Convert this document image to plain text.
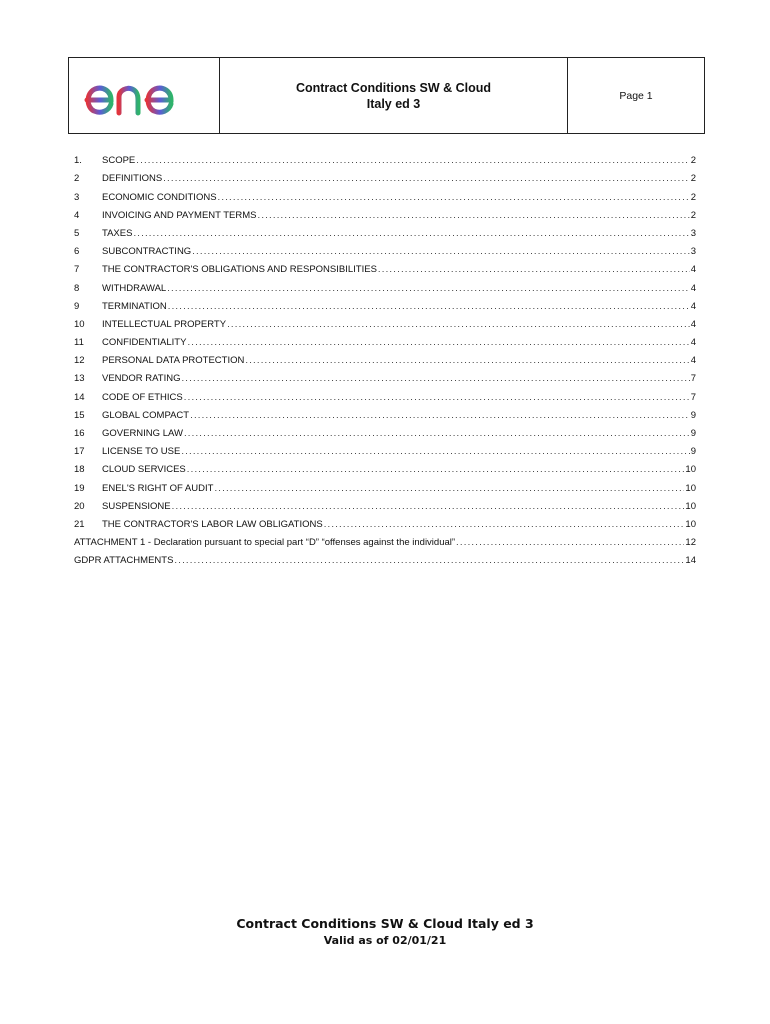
Contract Conditions SW & Cloud
Italy ed 3
Page 1
1.	SCOPE .....	2
2	DEFINITIONS .....	2
3	ECONOMIC CONDITIONS .....	2
4	INVOICING AND PAYMENT TERMS .....	2
5	TAXES .....	3
6	SUBCONTRACTING .....	3
7	THE CONTRACTOR'S OBLIGATIONS AND RESPONSIBILITIES .....	4
8	WITHDRAWAL .....	4
9	TERMINATION .....	4
10	INTELLECTUAL PROPERTY .....	4
11	CONFIDENTIALITY .....	4
12	PERSONAL DATA PROTECTION .....	4
13	VENDOR RATING .....	7
14	CODE OF ETHICS .....	7
15	GLOBAL COMPACT .....	9
16	GOVERNING LAW .....	9
17	LICENSE TO USE .....	9
18	CLOUD SERVICES .....	10
19	ENEL'S RIGHT OF AUDIT .....	10
20	SUSPENSIONE .....	10
21	THE CONTRACTOR'S LABOR LAW OBLIGATIONS .....	10
ATTACHMENT 1 - Declaration pursuant to special part “D” “offenses against the individual” .....	12
GDPR ATTACHMENTS .....	14
Contract Conditions SW & Cloud Italy ed 3
Valid as of 02/01/21
